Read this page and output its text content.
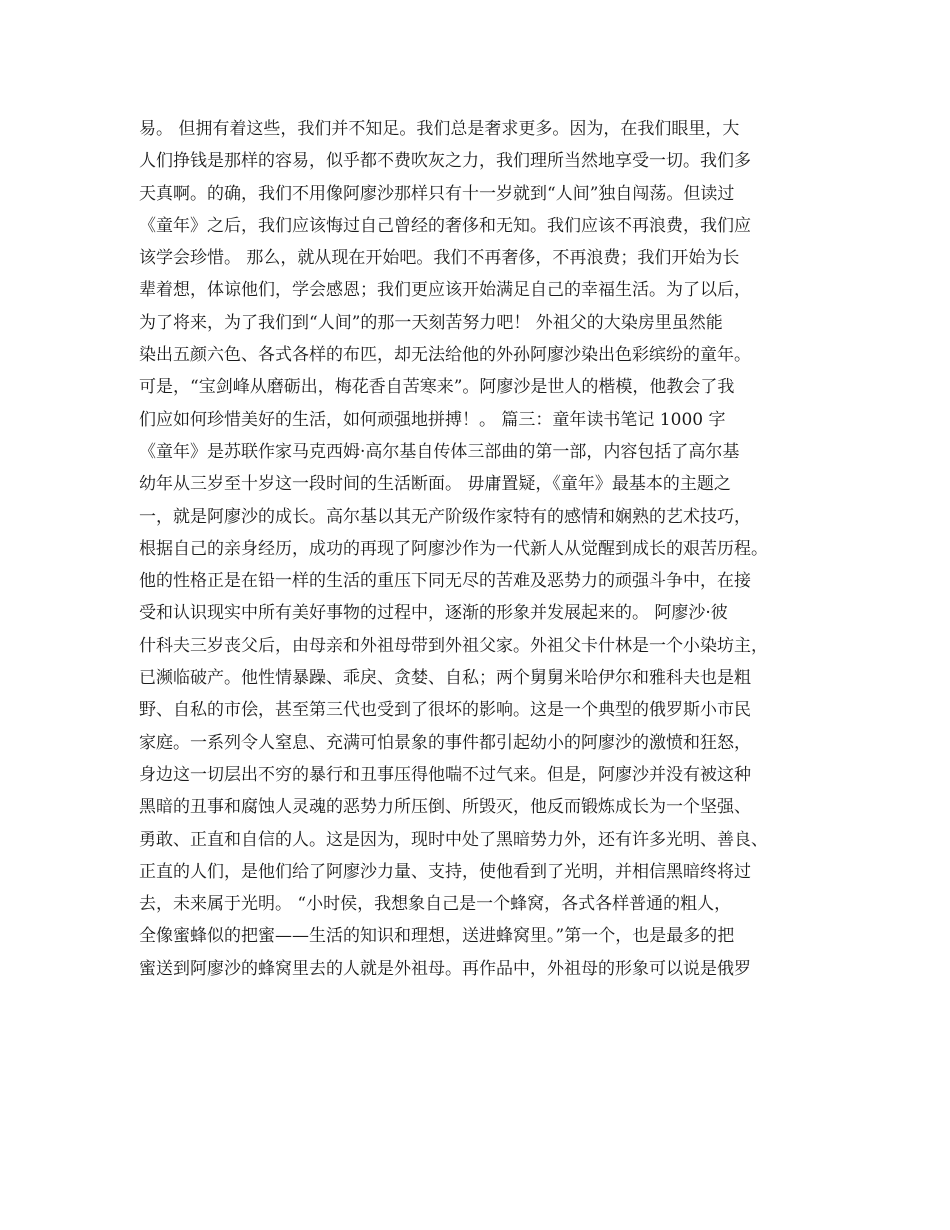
易。 但拥有着这些，我们并不知足。我们总是奢求更多。因为，在我们眼里，大
人们挣钱是那样的容易，似乎都不费吹灰之力，我们理所当然地享受一切。我们多
天真啊。的确，我们不用像阿廖沙那样只有十一岁就到“人间”独自闯荡。但读过
《童年》之后，我们应该悔过自己曾经的奢侈和无知。我们应该不再浪费，我们应
该学会珍惜。 那么，就从现在开始吧。我们不再奢侈，不再浪费；我们开始为长
辈着想，体谅他们，学会感恩；我们更应该开始满足自己的幸福生活。为了以后，
为了将来，为了我们到“人间”的那一天刻苦努力吧！ 外祖父的大染房里虽然能
染出五颜六色、各式各样的布匹，却无法给他的外孙阿廖沙染出色彩缤纷的童年。
可是，“宝剑峰从磨砺出，梅花香自苦寒来”。阿廖沙是世人的楷模，他教会了我
们应如何珍惜美好的生活，如何顽强地拼搏！。 篇三：童年读书笔记 1000 字
《童年》是苏联作家马克西姆·高尔基自传体三部曲的第一部，内容包括了高尔基
幼年从三岁至十岁这一段时间的生活断面。 毋庸置疑，《童年》最基本的主题之
一，就是阿廖沙的成长。高尔基以其无产阶级作家特有的感情和娴熟的艺术技巧，
根据自己的亲身经历，成功的再现了阿廖沙作为一代新人从觉醒到成长的艰苦历程。
他的性格正是在铅一样的生活的重压下同无尽的苦难及恶势力的顽强斗争中，在接
受和认识现实中所有美好事物的过程中，逐渐的形象并发展起来的。 阿廖沙·彼
什科夫三岁丧父后，由母亲和外祖母带到外祖父家。外祖父卡什林是一个小染坊主，
已濒临破产。他性情暴躁、乖戾、贪婪、自私；两个舅舅米哈伊尔和雅科夫也是粗
野、自私的市侩，甚至第三代也受到了很坏的影响。这是一个典型的俄罗斯小市民
家庭。一系列令人窒息、充满可怕景象的事件都引起幼小的阿廖沙的激愤和狂怒，
身边这一切层出不穷的暴行和丑事压得他喘不过气来。但是，阿廖沙并没有被这种
黑暗的丑事和腐蚀人灵魂的恶势力所压倒、所毁灭，他反而锻炼成长为一个坚强、
勇敢、正直和自信的人。这是因为，现时中处了黑暗势力外，还有许多光明、善良、
正直的人们，是他们给了阿廖沙力量、支持，使他看到了光明，并相信黑暗终将过
去，未来属于光明。 “小时侯，我想象自己是一个蜂窝，各式各样普通的粗人，
全像蜜蜂似的把蜜——生活的知识和理想，送进蜂窝里。”第一个，也是最多的把
蜜送到阿廖沙的蜂窝里去的人就是外祖母。再作品中，外祖母的形象可以说是俄罗
